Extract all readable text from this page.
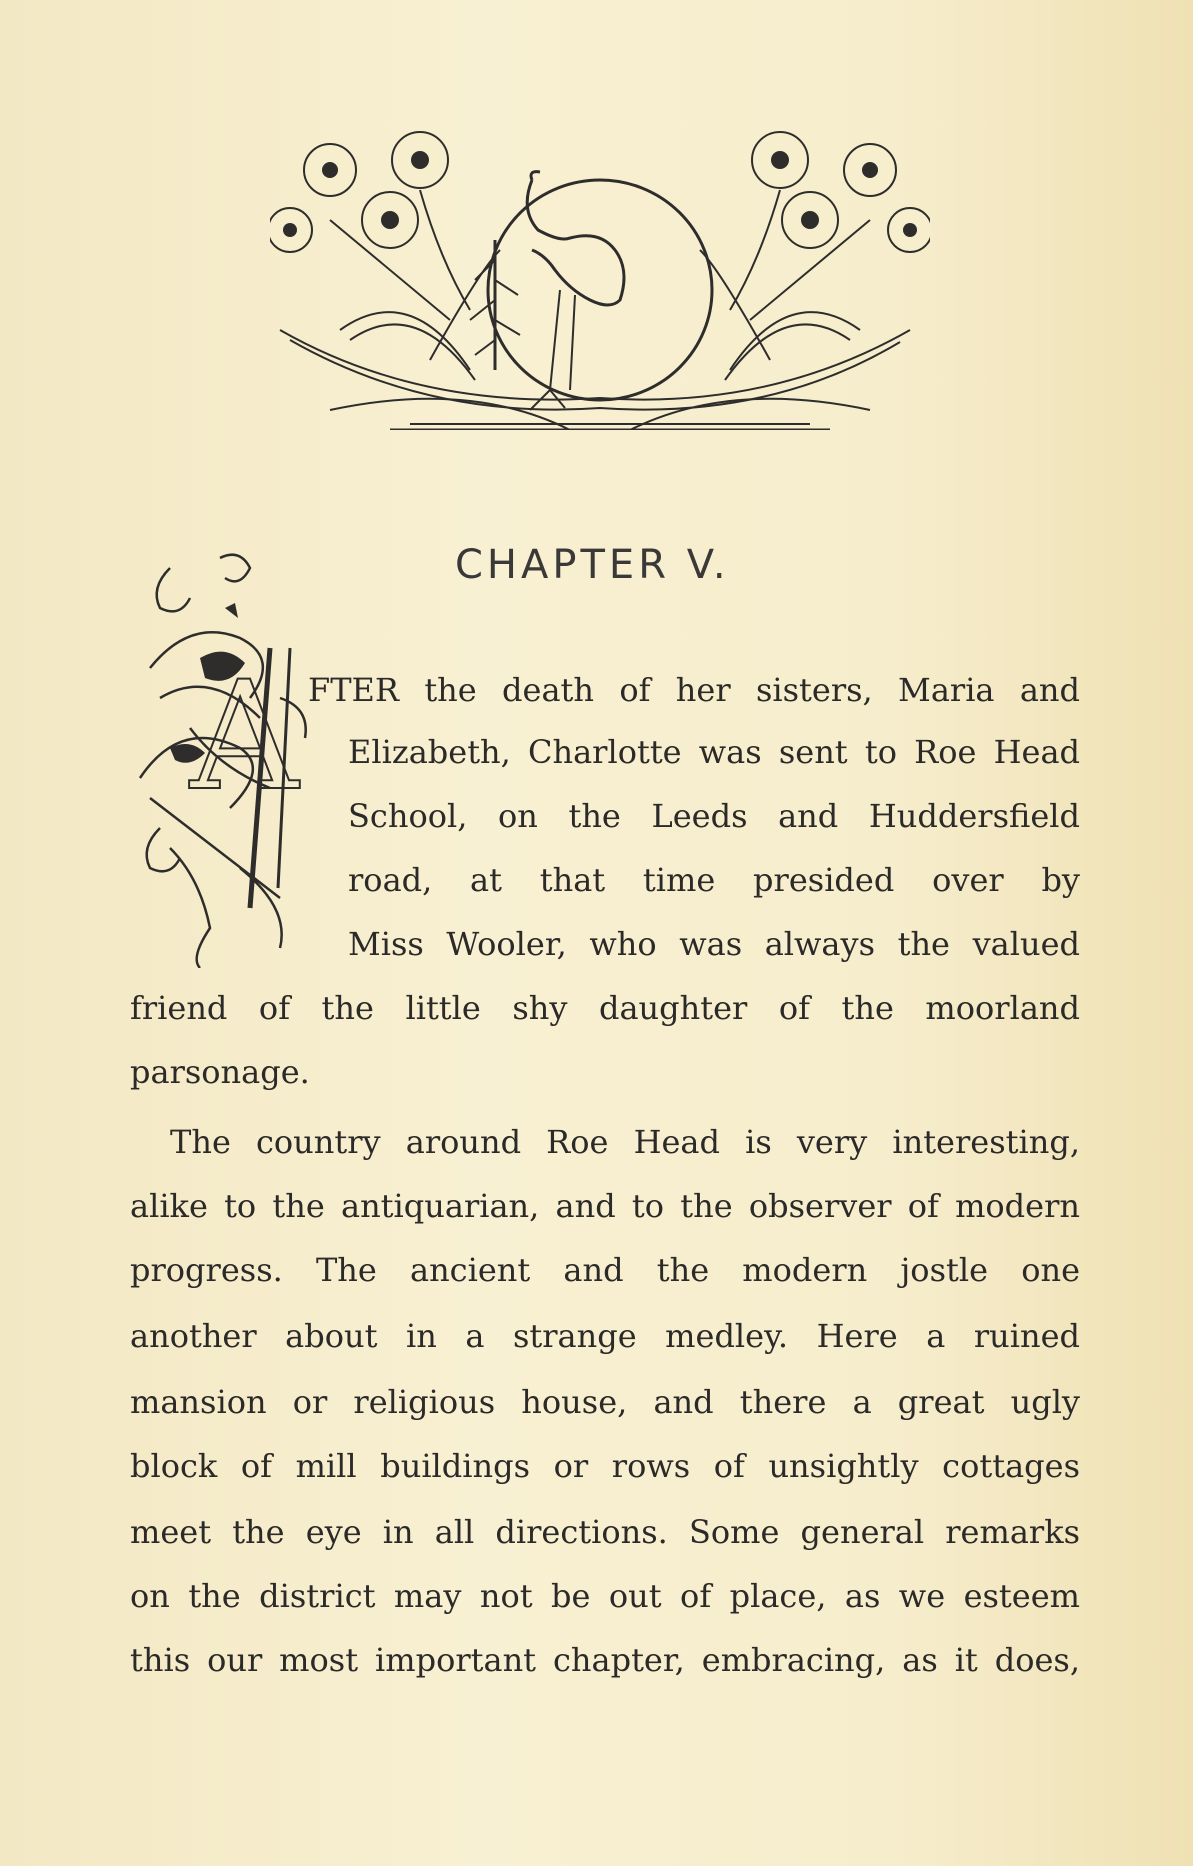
CHAPTER V.
A FTER the death of her sisters, Maria and
Elizabeth, Charlotte was sent to Roe Head
School, on the Leeds and Huddersfield
road, at that time presided over by
Miss Wooler, who was always the valued
friend of the little shy daughter of the moorland
parsonage.
The country around Roe Head is very interesting,
alike to the antiquarian, and to the observer of modern
progress. The ancient and the modern jostle one
another about in a strange medley. Here a ruined
mansion or religious house, and there a great ugly
block of mill buildings or rows of unsightly cottages
meet the eye in all directions. Some general remarks
on the district may not be out of place, as we esteem
this our most important chapter, embracing, as it does,
